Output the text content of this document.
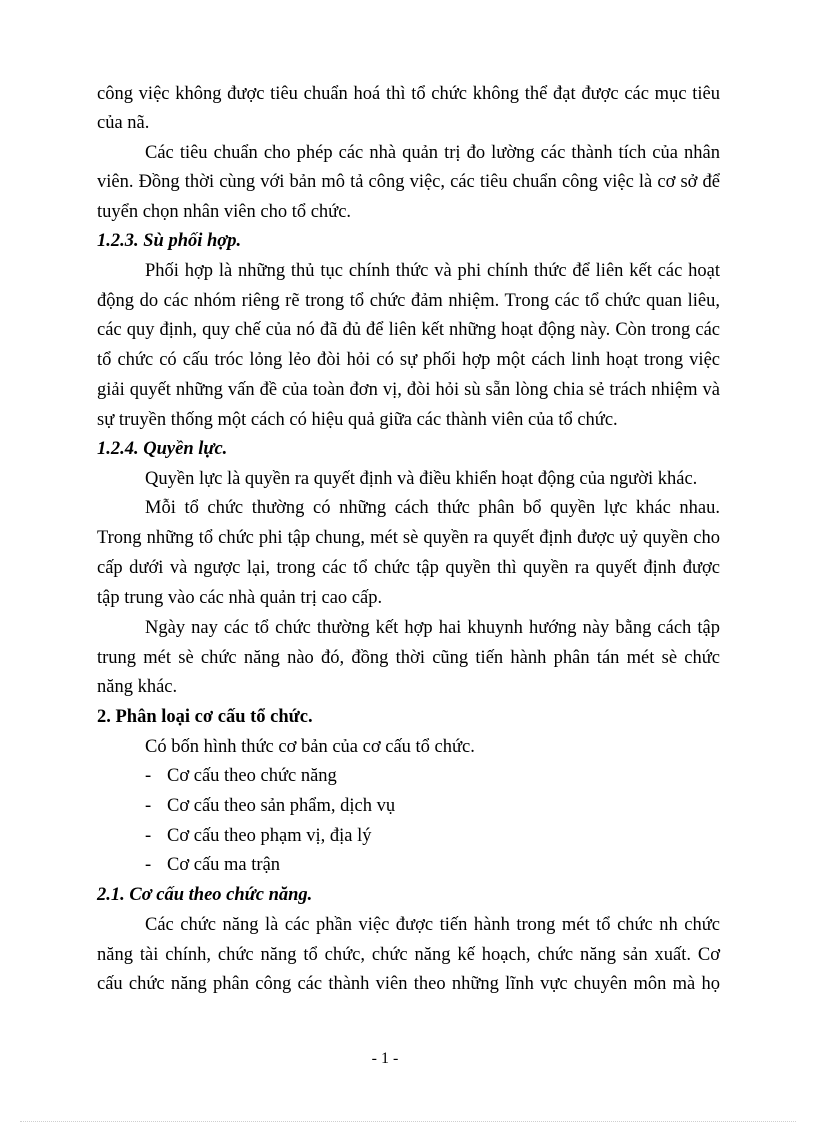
công việc không được tiêu chuẩn hoá thì tổ chức không thể đạt được các mục tiêu
của nã.
Các tiêu chuẩn cho phép các nhà quản trị đo lường các thành tích của nhân
viên. Đồng thời cùng với bản mô tả công việc, các tiêu chuẩn công việc là cơ sở để
tuyển chọn nhân viên cho tổ chức.
1.2.3. Sù phối hợp.
Phối hợp là những thủ tục chính thức và phi chính thức để liên kết các hoạt
động do các nhóm riêng rẽ trong tổ chức đảm nhiệm. Trong các tổ chức quan liêu,
các quy định, quy chế của nó đã đủ để liên kết những hoạt động này. Còn trong các
tổ chức có cấu tróc lỏng lẻo đòi hỏi có sự phối hợp một cách linh hoạt trong việc
giải quyết những vấn đề của toàn đơn vị, đòi hỏi sù sẵn lòng chia sẻ trách nhiệm và
sự truyền thống một cách có hiệu quả giữa các thành viên của tổ chức.
1.2.4. Quyền lực.
Quyền lực là quyền ra quyết định và điều khiển hoạt động của người khác.
Mỗi tổ chức thường có những cách thức phân bổ quyền lực khác nhau.
Trong những tổ chức phi tập chung, mét sè quyền ra quyết định được uỷ quyền cho
cấp dưới và ngược lại, trong các tổ chức tập quyền thì quyền ra quyết định được
tập trung vào các nhà quản trị cao cấp.
Ngày nay các tổ chức thường kết hợp hai khuynh hướng này bằng cách tập
trung mét sè chức năng nào đó, đồng thời cũng tiến hành phân tán mét sè chức
năng khác.
2. Phân loại cơ cấu tổ chức.
Có bốn hình thức cơ bản của cơ cấu tổ chức.
- Cơ cấu theo chức năng
- Cơ cấu theo sản phẩm, dịch vụ
- Cơ cấu theo phạm vị, địa lý
- Cơ cấu ma trận
2.1. Cơ cấu theo chức năng.
Các chức năng là các phần việc được tiến hành trong mét tổ chức nh chức
năng tài chính, chức năng tổ chức, chức năng kế hoạch, chức năng sản xuất. Cơ
cấu chức năng phân công các thành viên theo những lĩnh vực chuyên môn mà họ
- 1 -
